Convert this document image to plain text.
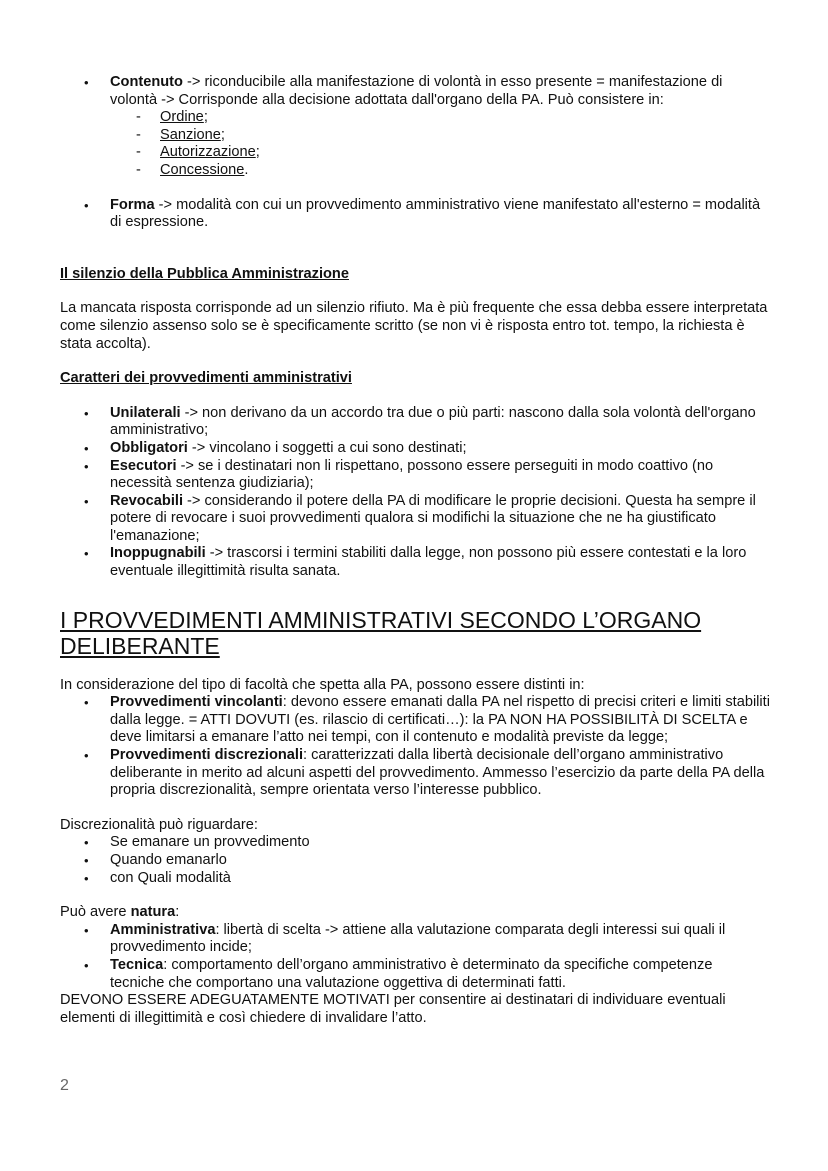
• Contenuto -> riconducibile alla manifestazione di volontà in esso presente = manifestazione di volontà -> Corrisponde alla decisione adottata dall'organo della PA. Può consistere in:
- Ordine;
- Sanzione;
- Autorizzazione;
- Concessione.
• Forma -> modalità con cui un provvedimento amministrativo viene manifestato all'esterno = modalità di espressione.
Il silenzio della Pubblica Amministrazione
La mancata risposta corrisponde ad un silenzio rifiuto. Ma è più frequente che essa debba essere interpretata come silenzio assenso solo se è specificamente scritto (se non vi è risposta entro tot. tempo, la richiesta è stata accolta).
Caratteri dei provvedimenti amministrativi
• Unilaterali -> non derivano da un accordo tra due o più parti: nascono dalla sola volontà dell'organo amministrativo;
• Obbligatori -> vincolano i soggetti a cui sono destinati;
• Esecutori -> se i destinatari non li rispettano, possono essere perseguiti in modo coattivo (no necessità sentenza giudiziaria);
• Revocabili -> considerando il potere della PA di modificare le proprie decisioni. Questa ha sempre il potere di revocare i suoi provvedimenti qualora si modifichi la situazione che ne ha giustificato l'emanazione;
• Inoppugnabili -> trascorsi i termini stabiliti dalla legge, non possono più essere contestati e la loro eventuale illegittimità risulta sanata.
I PROVVEDIMENTI AMMINISTRATIVI SECONDO L’ORGANO DELIBERANTE
In considerazione del tipo di facoltà che spetta alla PA, possono essere distinti in:
• Provvedimenti vincolanti: devono essere emanati dalla PA nel rispetto di precisi criteri e limiti stabiliti dalla legge. = ATTI DOVUTI (es. rilascio di certificati…): la PA NON HA POSSIBILITÀ DI SCELTA e deve limitarsi a emanare l’atto nei tempi, con il contenuto e modalità previste da legge;
• Provvedimenti discrezionali: caratterizzati dalla libertà decisionale dell’organo amministrativo deliberante in merito ad alcuni aspetti del provvedimento. Ammesso l’esercizio da parte della PA della propria discrezionalità, sempre orientata verso l’interesse pubblico.
Discrezionalità può riguardare:
• Se emanare un provvedimento
• Quando emanarlo
• con Quali modalità
Può avere natura:
• Amministrativa: libertà di scelta -> attiene alla valutazione comparata degli interessi sui quali il provvedimento incide;
• Tecnica: comportamento dell’organo amministrativo è determinato da specifiche competenze tecniche che comportano una valutazione oggettiva di determinati fatti.
DEVONO ESSERE ADEGUATAMENTE MOTIVATI per consentire ai destinatari di individuare eventuali elementi di illegittimità e così chiedere di invalidare l’atto.
2
